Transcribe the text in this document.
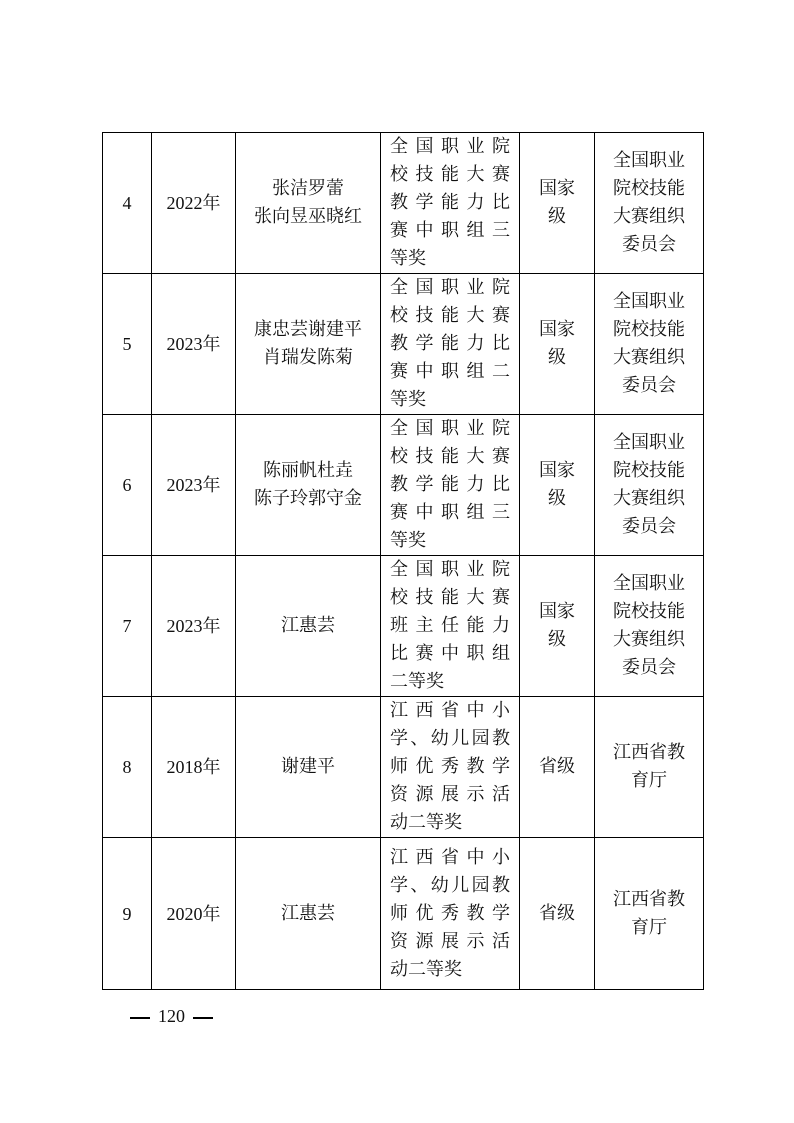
4	2022年	张洁罗蕾
张向昱巫晓红	全国职业院
校技能大赛
教学能力比
赛中职组三
等奖	国家级	全国职业
院校技能
大赛组织
委员会

5	2023年	康忠芸谢建平
肖瑞发陈菊	全国职业院
校技能大赛
教学能力比
赛中职组二
等奖	国家级	全国职业
院校技能
大赛组织
委员会

6	2023年	陈丽帆杜垚
陈子玲郭守金	全国职业院
校技能大赛
教学能力比
赛中职组三
等奖	国家级	全国职业
院校技能
大赛组织
委员会

7	2023年	江惠芸	全国职业院
校技能大赛
班主任能力
比赛中职组
二等奖	国家级	全国职业
院校技能
大赛组织
委员会

8	2018年	谢建平	江西省中小
学、幼儿园教
师优秀教学
资源展示活
动二等奖	省级	江西省教
育厅

9	2020年	江惠芸	江西省中小
学、幼儿园教
师优秀教学
资源展示活
动二等奖	省级	江西省教
育厅

120
